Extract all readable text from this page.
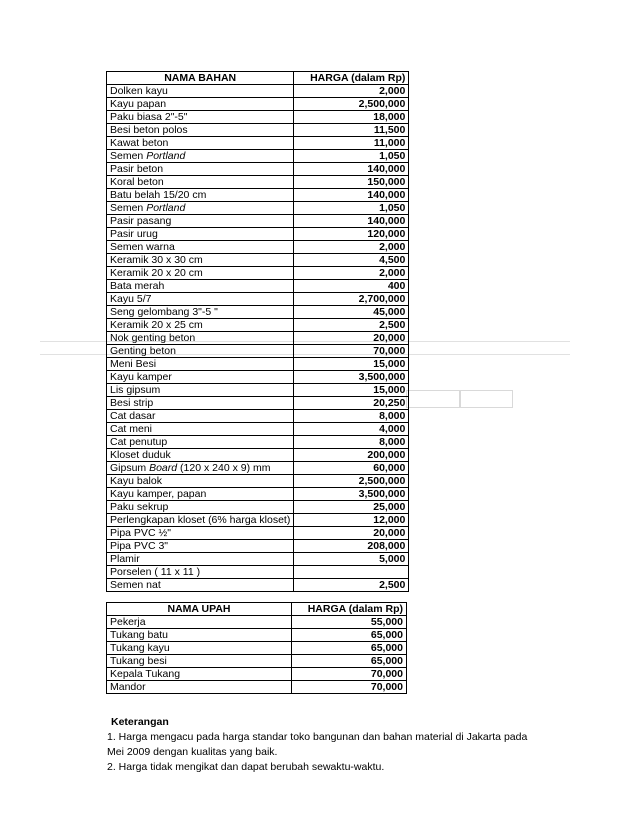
NAMA BAHAN	HARGA (dalam Rp)
Dolken kayu	2,000
Kayu papan	2,500,000
Paku biasa 2"-5"	18,000
Besi beton polos	11,500
Kawat beton	11,000
Semen Portland	1,050
Pasir beton	140,000
Koral beton	150,000
Batu belah 15/20 cm	140,000
Semen Portland	1,050
Pasir pasang	140,000
Pasir urug	120,000
Semen warna	2,000
Keramik 30 x 30 cm	4,500
Keramik 20 x 20 cm	2,000
Bata merah	400
Kayu 5/7	2,700,000
Seng gelombang 3"-5 "	45,000
Keramik 20 x 25 cm	2,500
Nok genting beton	20,000
Genting beton	70,000
Meni Besi	15,000
Kayu kamper	3,500,000
Lis gipsum	15,000
Besi strip	20,250
Cat dasar	8,000
Cat meni	4,000
Cat penutup	8,000
Kloset duduk	200,000
Gipsum Board (120 x 240 x 9) mm	60,000
Kayu balok	2,500,000
Kayu kamper, papan	3,500,000
Paku sekrup	25,000
Perlengkapan kloset (6% harga kloset)	12,000
Pipa PVC ½"	20,000
Pipa PVC 3"	208,000
Plamir	5,000
Porselen ( 11 x 11 )	
Semen nat	2,500
NAMA UPAH	HARGA (dalam Rp)
Pekerja	55,000
Tukang batu	65,000
Tukang kayu	65,000
Tukang besi	65,000
Kepala Tukang	70,000
Mandor	70,000
Keterangan
1. Harga mengacu pada harga standar toko bangunan dan bahan material di Jakarta pada
Mei 2009 dengan kualitas yang baik.
2. Harga tidak mengikat dan dapat berubah sewaktu-waktu.
